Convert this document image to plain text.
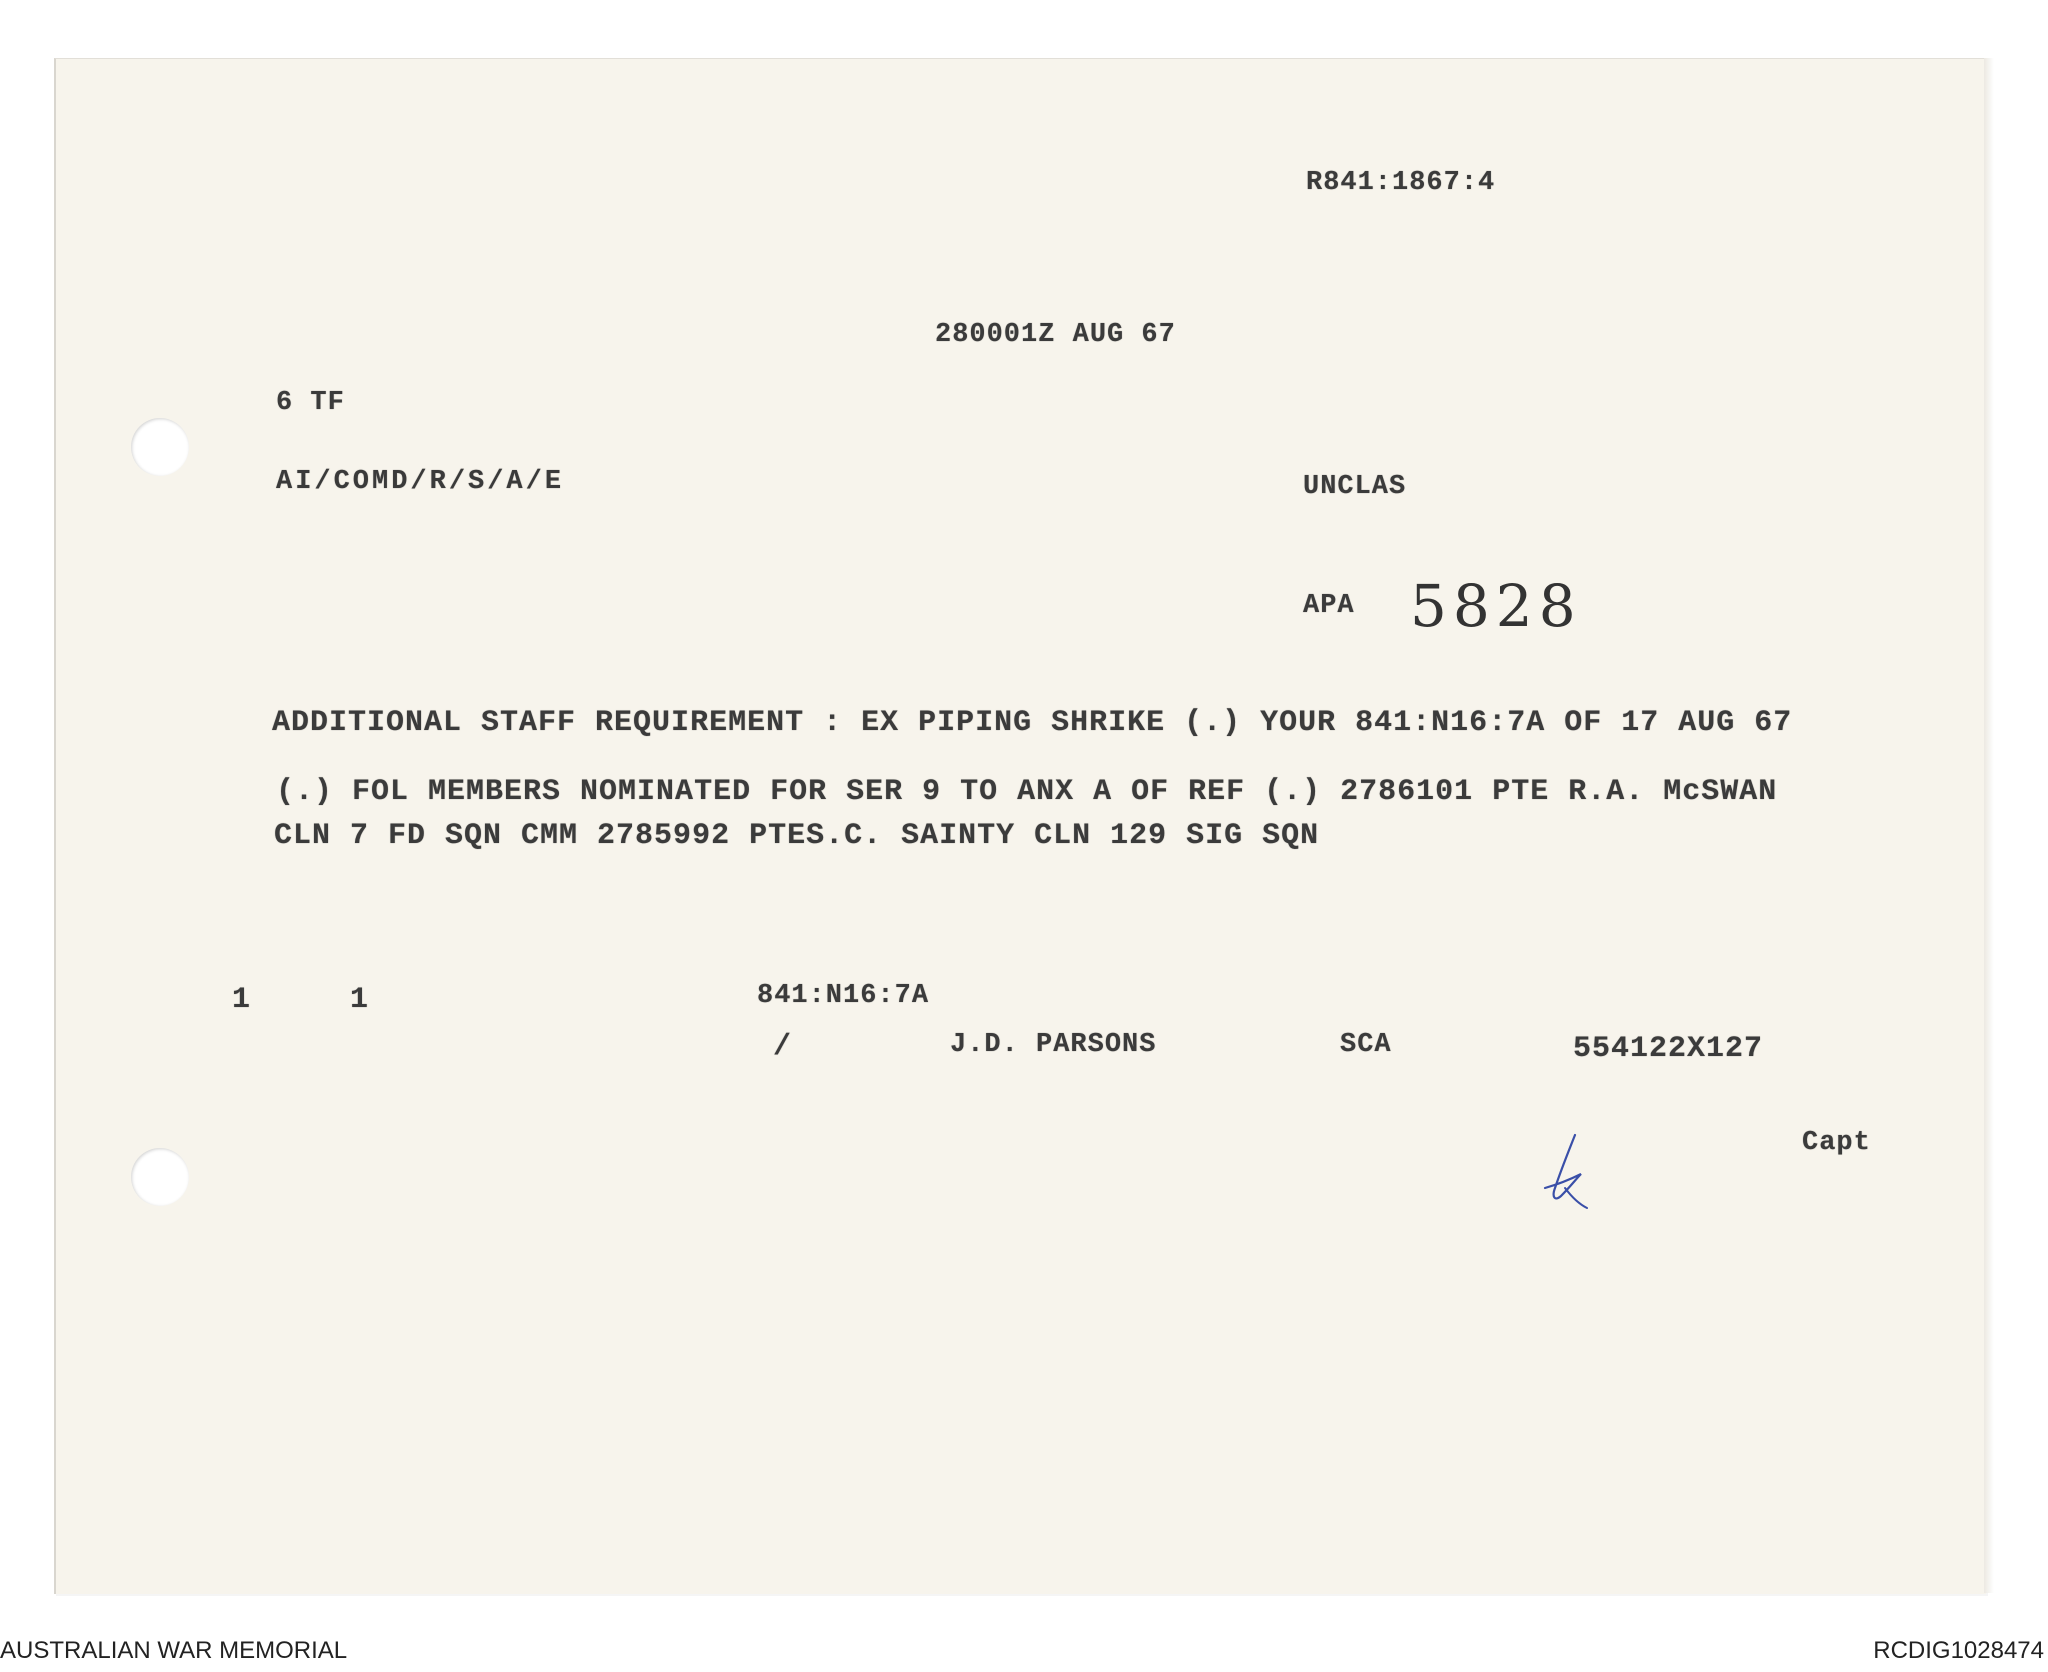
R841:1867:4
280001Z AUG 67
6 TF
AI/COMD/R/S/A/E	UNCLAS
APA 5828
ADDITIONAL STAFF REQUIREMENT : EX PIPING SHRIKE (.) YOUR 841:N16:7A OF 17 AUG 67
(.) FOL MEMBERS NOMINATED FOR SER 9 TO ANX A OF REF (.) 2786101 PTE R.A. McSWAN
CLN 7 FD SQN CMM 2785992 PTES.C. SAINTY CLN 129 SIG SQN
1	1	841:N16:7A
/	J.D. PARSONS	SCA	554122X127
Capt
AUSTRALIAN WAR MEMORIAL	RCDIG1028474
